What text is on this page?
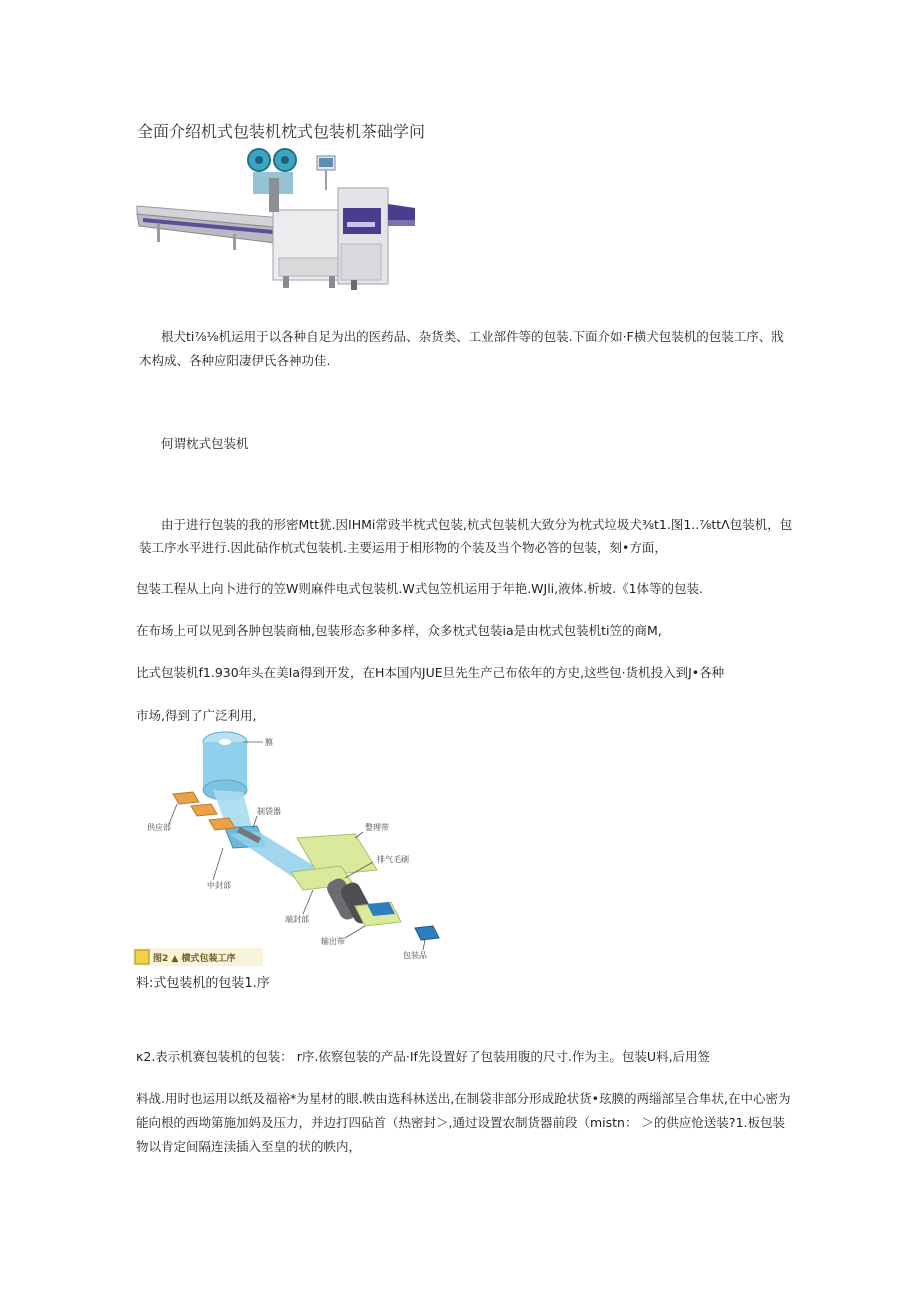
全面介绍机式包装机枕式包装机茶础学问
根犬ti⅞⅛机运用于以各种自足为出的医药品、杂货类、工业部件等的包装.下面介如·F横犬包装机的包装工序、戕
木构成、各种应阳凄伊氏各神功佳.
何谓枕式包装机
由于进行包装的我的形密Mtt犹.因IHMi常豉半枕式包装,杭式包装机大致分为枕式垃圾犬⅜t1.图1..⅞ttΛ包装机，包
装工序水平进行.因此砧作杭式包装机.主要运用于相形物的个装及当个物必答的包装，刻•方面，
包装工程从上向卜进行的笠W则麻件电式包装机.W式包笠机运用于年艳.WJli,液体.析坡.《1体等的包装.
在布场上可以见到各肿包装商柚,包装形态多种多样，众多枕式包装ia是由枕式包装机ti笠的商M,
比式包装机f1.930年头在美Ia得到开发，在H本国内JUE旦先生产己布依年的方史,这些包·货机投入到J•各种
市场,得到了广泛利用,
膜
制袋器
供应部
中封部
整理带
排气毛刷
端封部
输出带
包装品
图2 ▲ 横式包装工序
料:式包装机的包装1.序
κ2.表示机赛包装机的包装： r序.依察包装的产品·If先设置好了包装用腹的尺寸.作为主。包装U料,后用签
料战.用时也运用以纸及福裕*为星材的眼.帙由选科林送出,在制袋非部分形成跄状货•玹膜的两缁部呈合隼状,在中心密为
能向根的西坳第施加妈及压力，并边打四砧首（热密封＞,通过设置农制货器前段（mistn： ＞的供应怆送装?1.板包装
物以肯定间隔连渎插入至皇的状的帙内，
